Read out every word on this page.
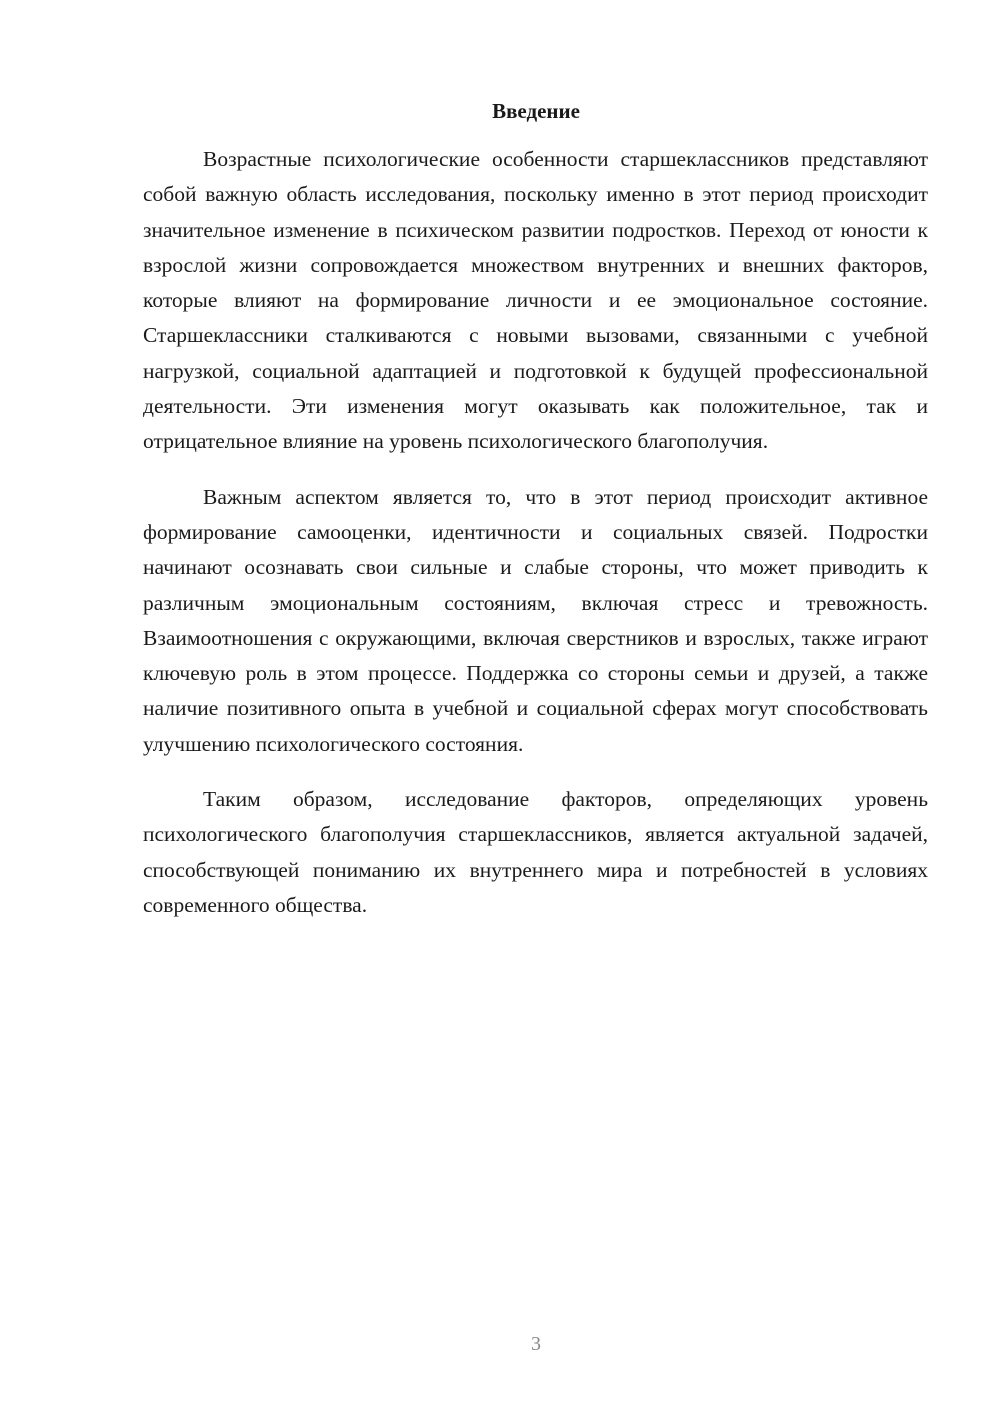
Введение

Возрастные психологические особенности старшеклассников представляют собой важную область исследования, поскольку именно в этот период происходит значительное изменение в психическом развитии подростков. Переход от юности к взрослой жизни сопровождается множеством внутренних и внешних факторов, которые влияют на формирование личности и ее эмоциональное состояние. Старшеклассники сталкиваются с новыми вызовами, связанными с учебной нагрузкой, социальной адаптацией и подготовкой к будущей профессиональной деятельности. Эти изменения могут оказывать как положительное, так и отрицательное влияние на уровень психологического благополучия.

Важным аспектом является то, что в этот период происходит активное формирование самооценки, идентичности и социальных связей. Подростки начинают осознавать свои сильные и слабые стороны, что может приводить к различным эмоциональным состояниям, включая стресс и тревожность. Взаимоотношения с окружающими, включая сверстников и взрослых, также играют ключевую роль в этом процессе. Поддержка со стороны семьи и друзей, а также наличие позитивного опыта в учебной и социальной сферах могут способствовать улучшению психологического состояния.

Таким образом, исследование факторов, определяющих уровень психологического благополучия старшеклассников, является актуальной задачей, способствующей пониманию их внутреннего мира и потребностей в условиях современного общества.

3
